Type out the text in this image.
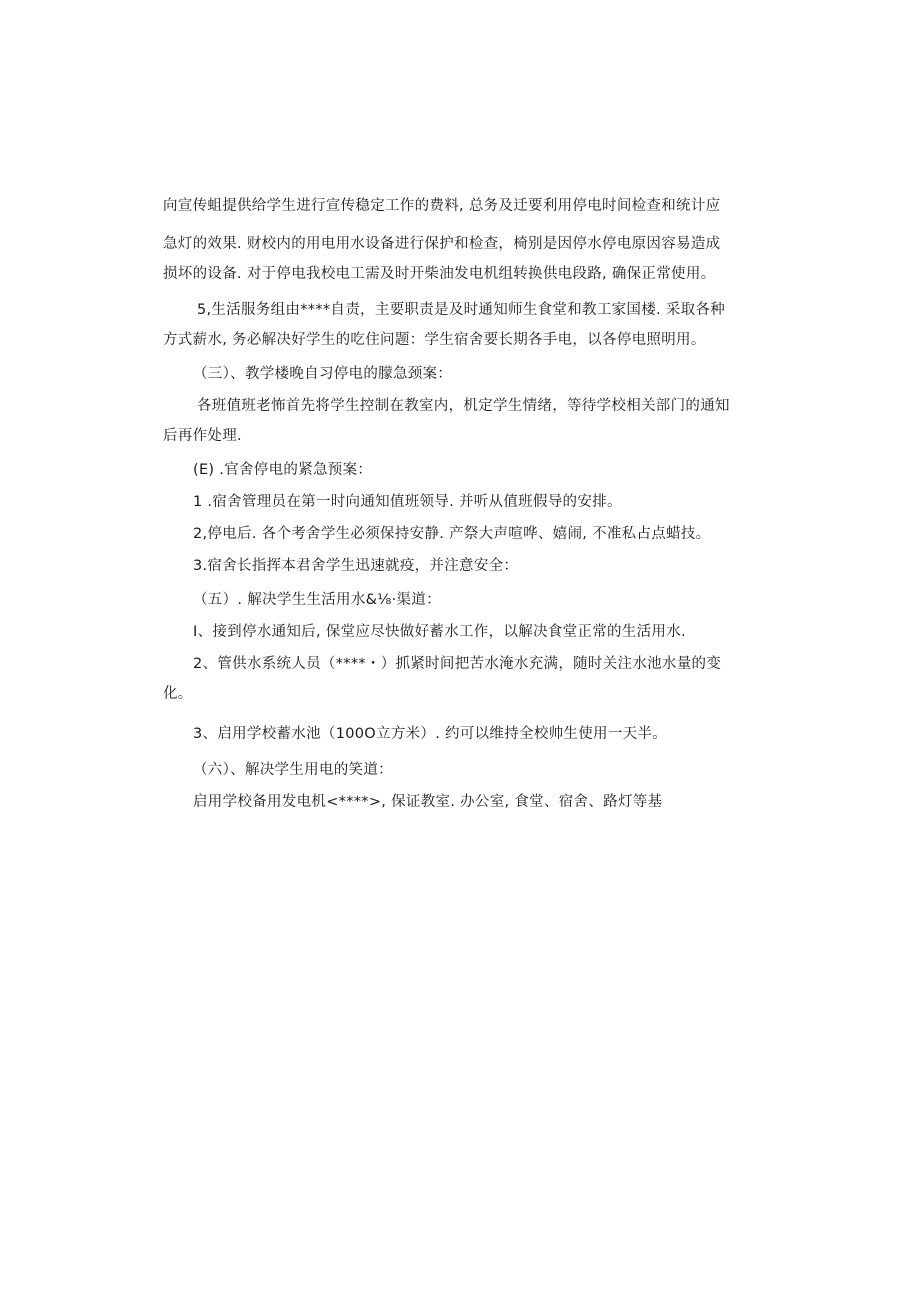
向宣传蛆提供给学生进行宣传稳定工作的费料, 总务及迁要利用停电时间检查和统计应
急灯的效果. 财校内的用电用水设备进行保护和检查，椅别是因停水停电原因容易造成
损坏的设备. 对于停电我校电工需及时开柴油发电机组转换供电段路, 确保正常使用。
5,生活服务组由****自责，主要职责是及时通知师生食堂和教工家国楼. 采取各种
方式薪水, 务必解决好学生的吃住问题：学生宿舍要长期各手电，以各停电照明用。
（三）、教学楼晚自习停电的朦急颈案：
各班值班老怖首先将学生控制在教室内，机定学生情绪，等待学校相关部门的通知
后再作处理.
(E) .官舍停电的紧急预案：
1 .宿舍管理员在第一时向通知值班领导. 并听从值班假导的安排。
2,停电后. 各个考舍学生必须保持安静. 产祭大声喧哗、嬉闹, 不准私占点蜡技。
3.宿舍长指挥本君舍学生迅速就疫，并注意安全：
（五）. 解决学生生活用水&⅛·渠道：
I、接到停水通知后, 保堂应尽快做好蓄水工作，以解决食堂正常的生活用水.
2、管供水系统人员（****・）抓紧时间把苦水淹水充满，随时关注水池水量的变
化。
3、启用学校蓄水池（100O立方米）. 约可以维持全校帅生使用一天半。
（六）、解决学生用电的笑道：
启用学校备用发电机<****>, 保证教室. 办公室, 食堂、宿舍、路灯等基
